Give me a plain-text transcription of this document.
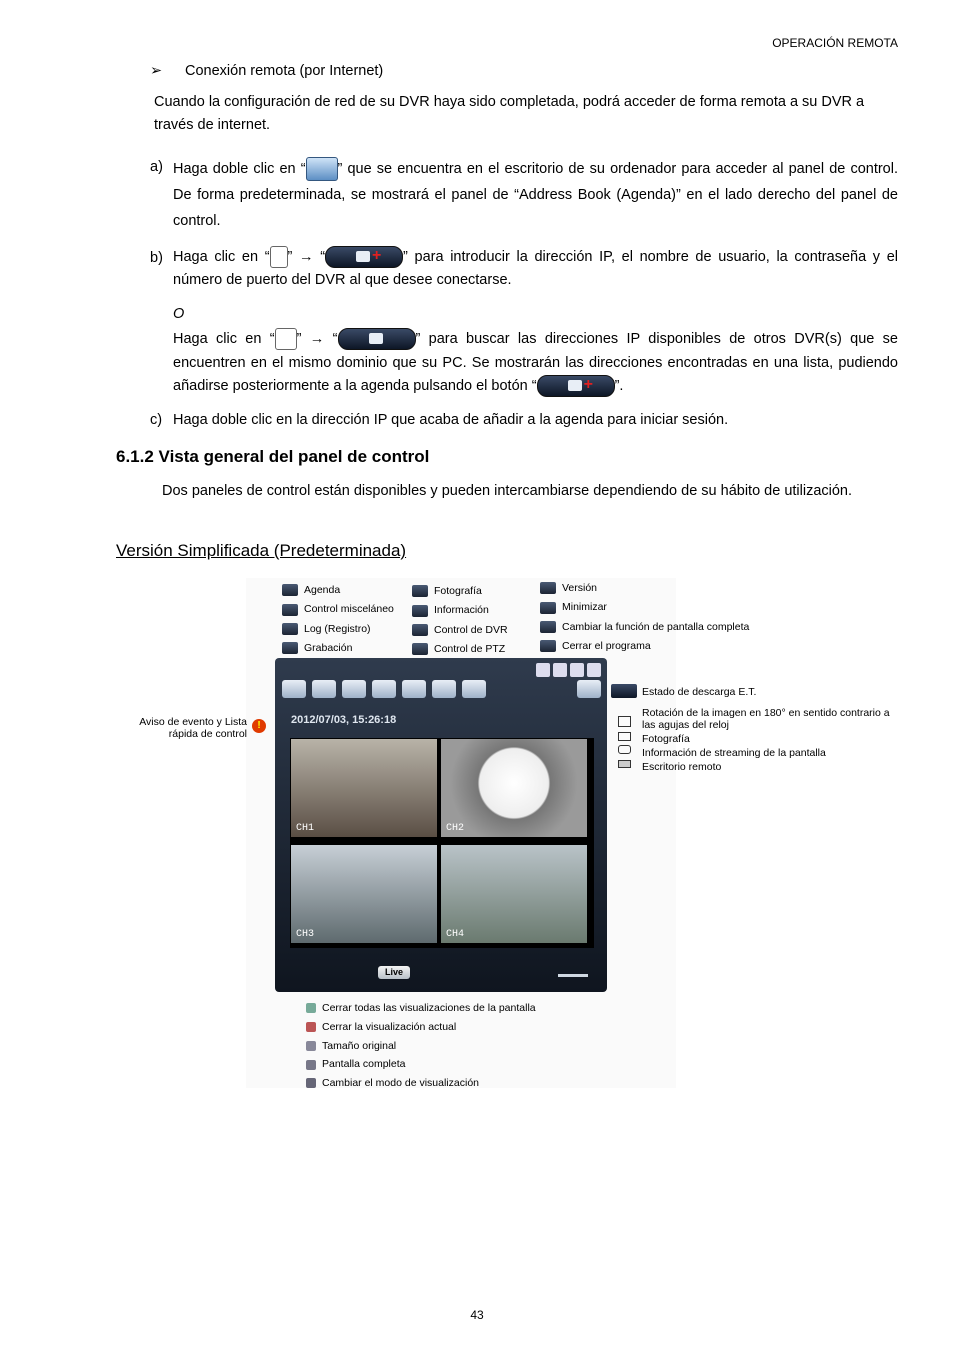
OPERACIÓN REMOTA
➢ Conexión remota (por Internet)
Cuando la configuración de red de su DVR haya sido completada, podrá acceder de forma remota a su DVR a través de internet.
a) Haga doble clic en “ ” que se encuentra en el escritorio de su ordenador para acceder al panel de control. De forma predeterminada, se mostrará el panel de “Address Book (Agenda)” en el lado derecho del panel de control.
b) Haga clic en “ ” → “ +	” para introducir la dirección IP, el nombre de usuario, la contraseña y el número de puerto del DVR al que desee conectarse.
O
Haga clic en “ ” → “	” para buscar las direcciones IP disponibles de otros DVR(s) que se encuentren en el mismo dominio que su PC. Se mostrarán las direcciones encontradas en una lista, pudiendo añadirse posteriormente a la agenda pulsando el botón “ +	”.
c) Haga doble clic en la dirección IP que acaba de añadir a la agenda para iniciar sesión.
6.1.2 Vista general del panel de control
Dos paneles de control están disponibles y pueden intercambiarse dependiendo de su hábito de utilización.
Versión Simplificada (Predeterminada)
Agenda
Control misceláneo
Log (Registro)
Grabación
Fotografía
Información
Control de DVR
Control de PTZ
Versión
Minimizar
Cambiar la función de pantalla completa
Cerrar el programa
Aviso de evento y Lista rápida de control
!
Estado de descarga E.T.
Rotación de la imagen en 180° en sentido contrario a las agujas del reloj
Fotografía
Información de streaming de la pantalla
Escritorio remoto
2012/07/03, 15:26:18
CH1	CH2
CH3	CH4
Live
Cerrar todas las visualizaciones de la pantalla
Cerrar la visualización actual
Tamaño original
Pantalla completa
Cambiar el modo de visualización
43
